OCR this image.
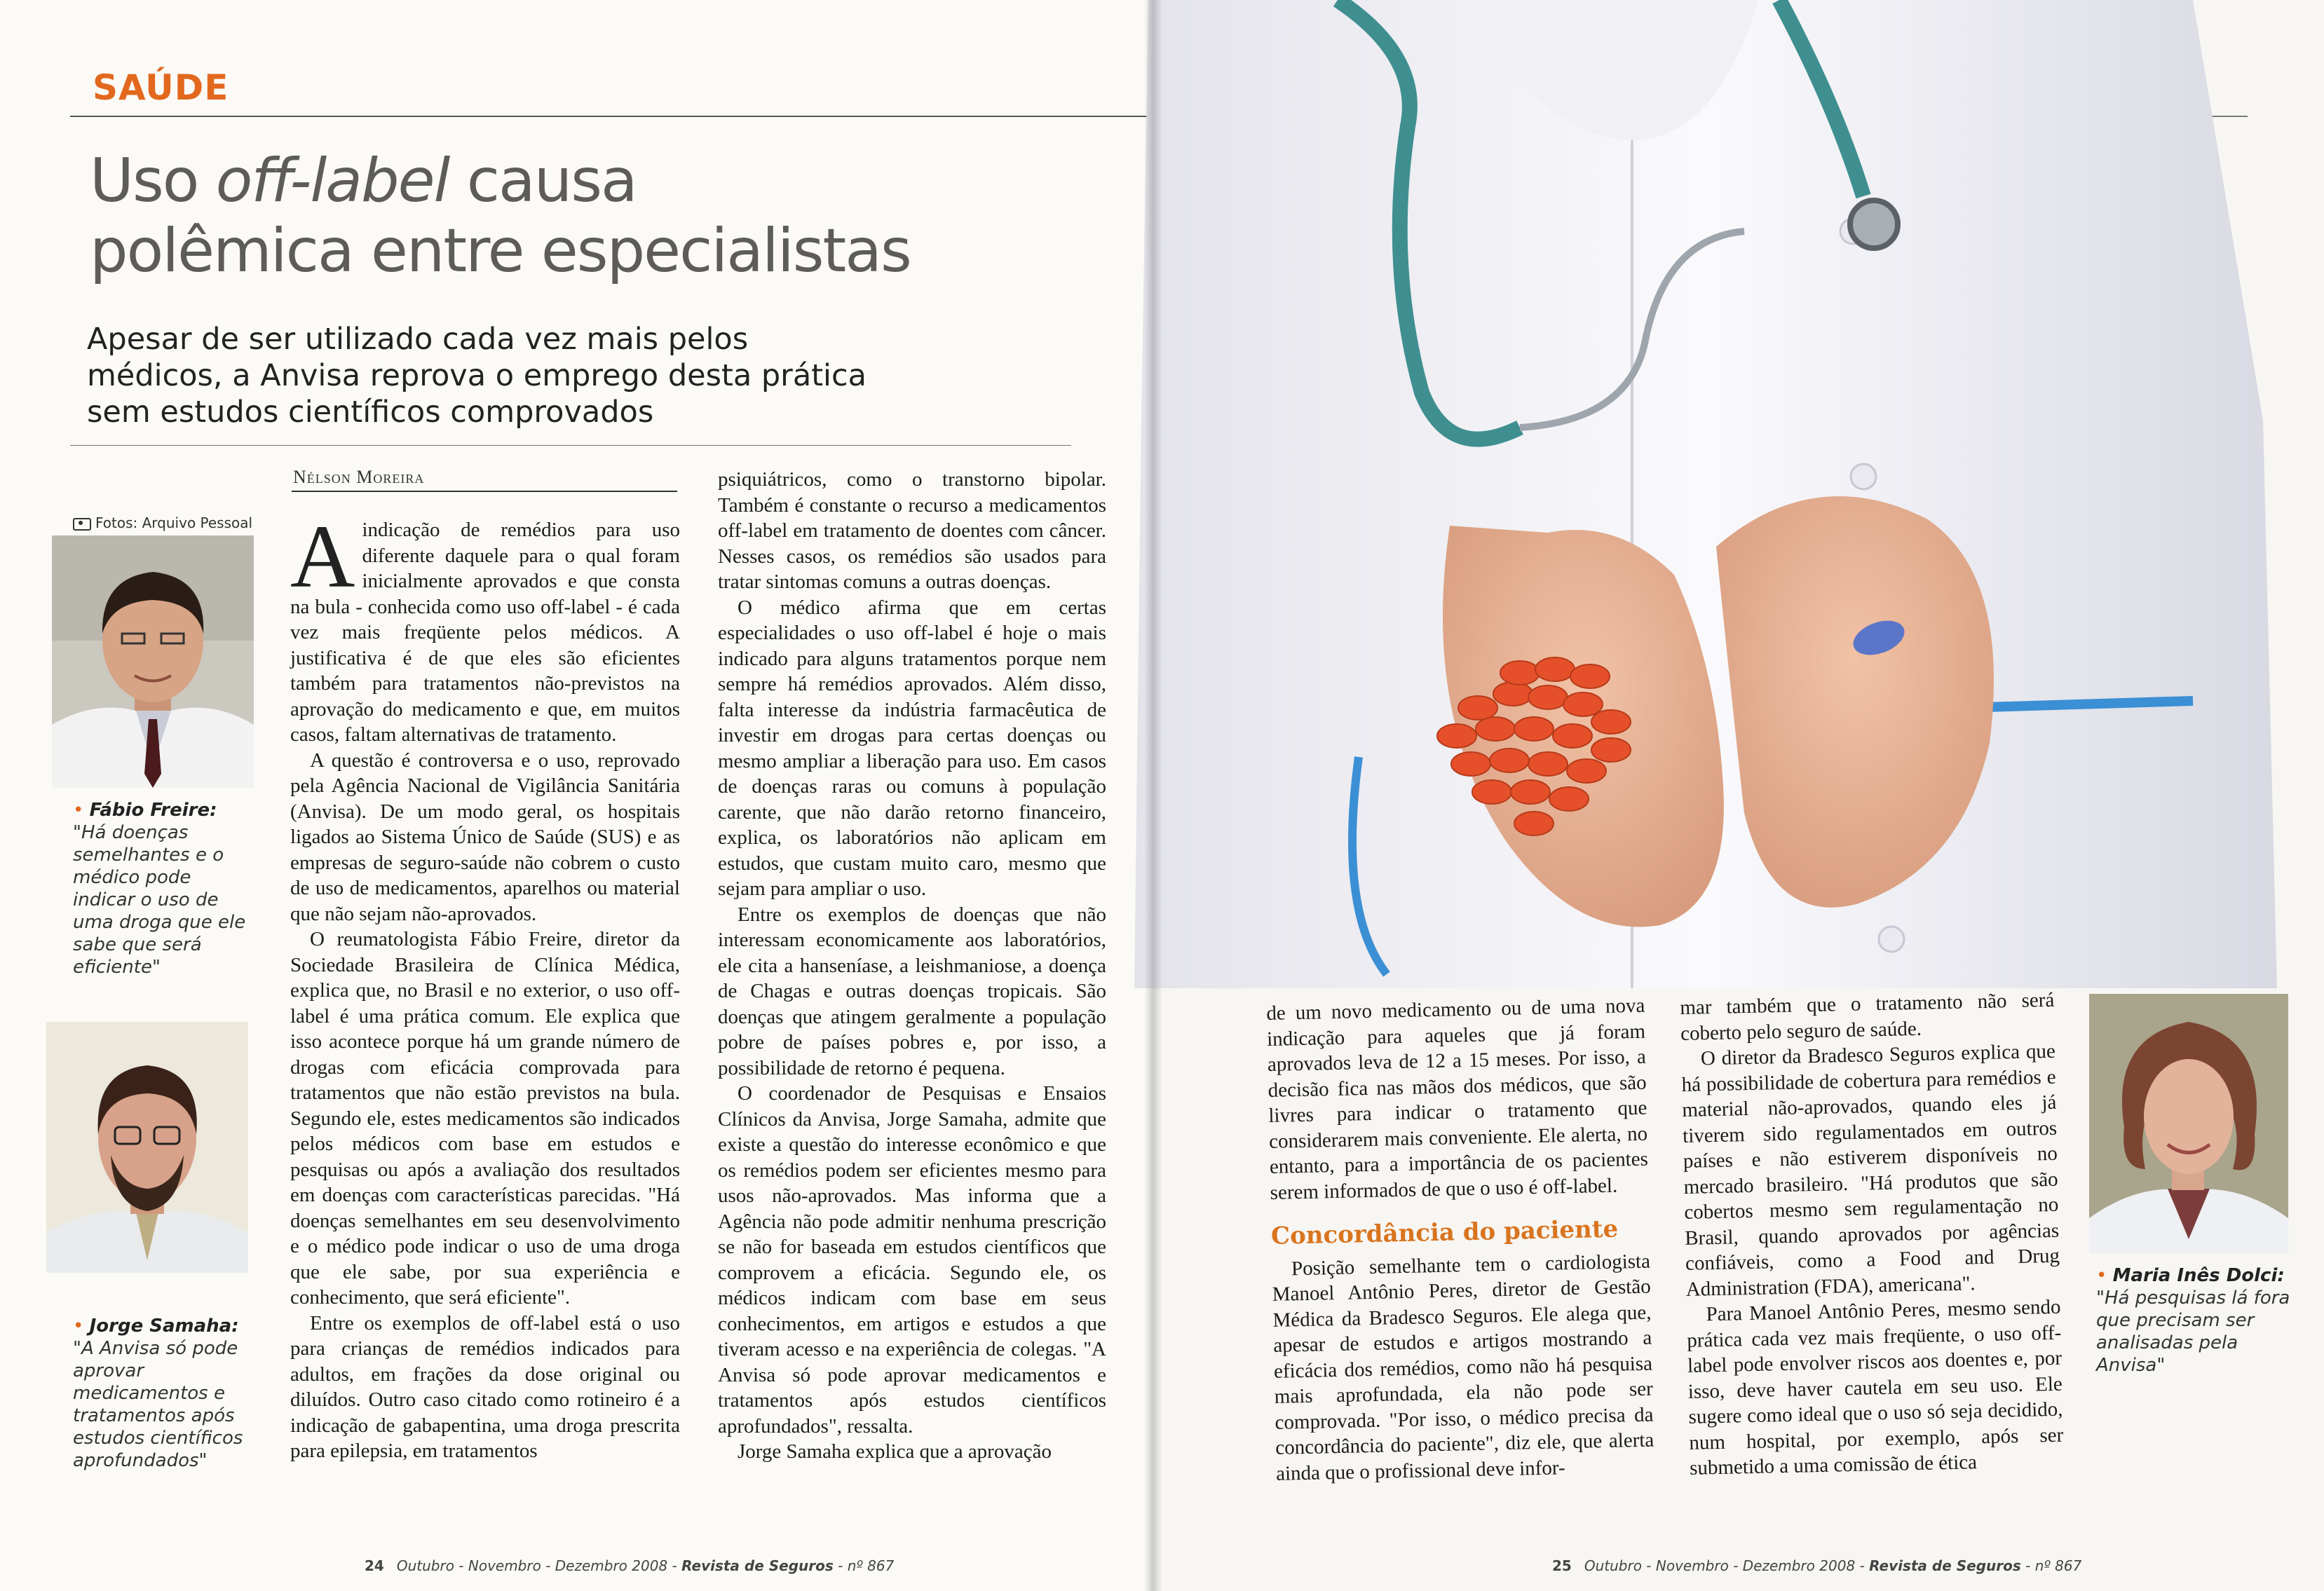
SAÚDE
Uso off-label causa polêmica entre especialistas
Apesar de ser utilizado cada vez mais pelos médicos, a Anvisa reprova o emprego desta prática sem estudos científicos comprovados
Nélson Moreira
Fotos: Arquivo Pessoal
• Fábio Freire:
"Há doenças semelhantes e o médico pode indicar o uso de uma droga que ele sabe que será eficiente"
• Jorge Samaha:
"A Anvisa só pode aprovar medicamentos e tratamentos após estudos científicos aprofundados"

A indicação de remédios para uso diferente daquele para o qual foram inicialmente aprovados e que consta na bula - conhecida como uso off-label - é cada vez mais freqüente pelos médicos. A justificativa é de que eles são eficientes também para tratamentos não-previstos na aprovação do medicamento e que, em muitos casos, faltam alternativas de tratamento.

A questão é controversa e o uso, reprovado pela Agência Nacional de Vigilância Sanitária (Anvisa). De um modo geral, os hospitais ligados ao Sistema Único de Saúde (SUS) e as empresas de seguro-saúde não cobrem o custo de uso de medicamentos, aparelhos ou material que não sejam não-aprovados.

O reumatologista Fábio Freire, diretor da Sociedade Brasileira de Clínica Médica, explica que, no Brasil e no exterior, o uso off-label é uma prática comum. Ele explica que isso acontece porque há um grande número de drogas com eficácia comprovada para tratamentos que não estão previstos na bula. Segundo ele, estes medicamentos são indicados pelos médicos com base em estudos e pesquisas ou após a avaliação dos resultados em doenças com características parecidas. "Há doenças semelhantes em seu desenvolvimento e o médico pode indicar o uso de uma droga que ele sabe, por sua experiência e conhecimento, que será eficiente".

Entre os exemplos de off-label está o uso para crianças de remédios indicados para adultos, em frações da dose original ou diluídos. Outro caso citado como rotineiro é a indicação de gabapentina, uma droga prescrita para epilepsia, em tratamentos

psiquiátricos, como o transtorno bipolar. Também é constante o recurso a medicamentos off-label em tratamento de doentes com câncer. Nesses casos, os remédios são usados para tratar sintomas comuns a outras doenças.

O médico afirma que em certas especialidades o uso off-label é hoje o mais indicado para alguns tratamentos porque nem sempre há remédios aprovados. Além disso, falta interesse da indústria farmacêutica de investir em drogas para certas doenças ou mesmo ampliar a liberação para uso. Em casos de doenças raras ou comuns à população carente, que não darão retorno financeiro, explica, os laboratórios não aplicam em estudos, que custam muito caro, mesmo que sejam para ampliar o uso.

Entre os exemplos de doenças que não interessam economicamente aos laboratórios, ele cita a hanseníase, a leishmaniose, a doença de Chagas e outras doenças tropicais. São doenças que atingem geralmente a população pobre de países pobres e, por isso, a possibilidade de retorno é pequena.

O coordenador de Pesquisas e Ensaios Clínicos da Anvisa, Jorge Samaha, admite que existe a questão do interesse econômico e que os remédios podem ser eficientes mesmo para usos não-aprovados. Mas informa que a Agência não pode admitir nenhuma prescrição se não for baseada em estudos científicos que comprovem a eficácia. Segundo ele, os médicos indicam com base em seus conhecimentos, em artigos e estudos a que tiveram acesso e na experiência de colegas. "A Anvisa só pode aprovar medicamentos e tratamentos após estudos científicos aprofundados", ressalta.

Jorge Samaha explica que a aprovação

24 Outubro - Novembro - Dezembro 2008 - Revista de Seguros - nº 867

de um novo medicamento ou de uma nova indicação para aqueles que já foram aprovados leva de 12 a 15 meses. Por isso, a decisão fica nas mãos dos médicos, que são livres para indicar o tratamento que considerarem mais conveniente. Ele alerta, no entanto, para a importância de os pacientes serem informados de que o uso é off-label.

Concordância do paciente

Posição semelhante tem o cardiologista Manoel Antônio Peres, diretor de Gestão Médica da Bradesco Seguros. Ele alega que, apesar de estudos e artigos mostrando a eficácia dos remédios, como não há pesquisa mais aprofundada, ela não pode ser comprovada. "Por isso, o médico precisa da concordância do paciente", diz ele, que alerta ainda que o profissional deve infor-

mar também que o tratamento não será coberto pelo seguro de saúde.

O diretor da Bradesco Seguros explica que há possibilidade de cobertura para remédios e material não-aprovados, quando eles já tiverem sido regulamentados em outros países e não estiverem disponíveis no mercado brasileiro. "Há produtos que são cobertos mesmo sem regulamentação no Brasil, quando aprovados por agências confiáveis, como a Food and Drug Administration (FDA), americana".

Para Manoel Antônio Peres, mesmo sendo prática cada vez mais freqüente, o uso off-label pode envolver riscos aos doentes e, por isso, deve haver cautela em seu uso. Ele sugere como ideal que o uso só seja decidido, num hospital, por exemplo, após ser submetido a uma comissão de ética

• Maria Inês Dolci:
"Há pesquisas lá fora que precisam ser analisadas pela Anvisa"
25 Outubro - Novembro - Dezembro 2008 - Revista de Seguros - nº 867
